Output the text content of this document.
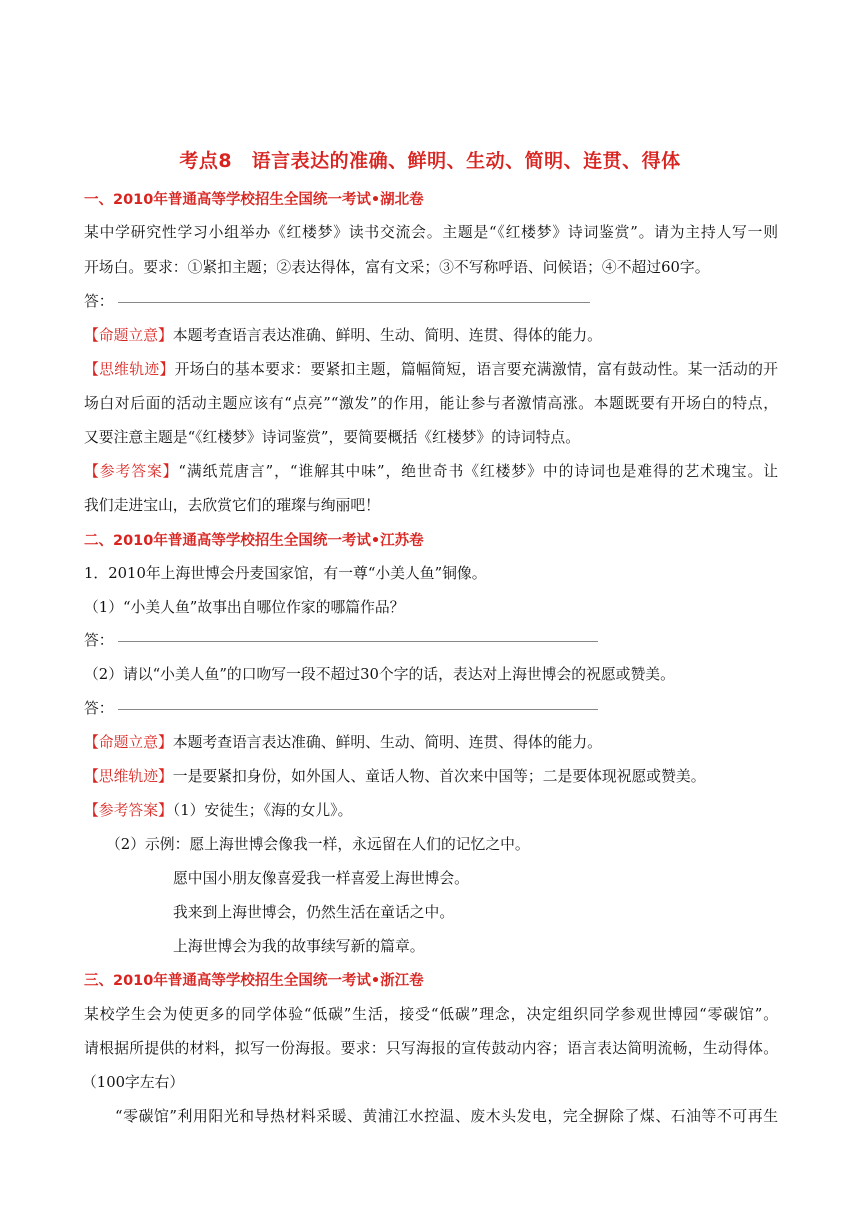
考点8　语言表达的准确、鲜明、生动、简明、连贯、得体
一、2010年普通高等学校招生全国统一考试•湖北卷
某中学研究性学习小组举办《红楼梦》读书交流会。主题是“《红楼梦》诗词鉴赏”。请为主持人写一则
开场白。要求：①紧扣主题；②表达得体，富有文采；③不写称呼语、问候语；④不超过60字。
答：
【命题立意】本题考查语言表达准确、鲜明、生动、简明、连贯、得体的能力。
【思维轨迹】开场白的基本要求：要紧扣主题，篇幅简短，语言要充满激情，富有鼓动性。某一活动的开
场白对后面的活动主题应该有“点亮”“激发”的作用，能让参与者激情高涨。本题既要有开场白的特点，
又要注意主题是“《红楼梦》诗词鉴赏”，要简要概括《红楼梦》的诗词特点。
【参考答案】“满纸荒唐言”，“谁解其中味”，绝世奇书《红楼梦》中的诗词也是难得的艺术瑰宝。让
我们走进宝山，去欣赏它们的璀璨与绚丽吧！
二、2010年普通高等学校招生全国统一考试•江苏卷
1．2010年上海世博会丹麦国家馆，有一尊“小美人鱼”铜像。
（1）“小美人鱼”故事出自哪位作家的哪篇作品？
答：
（2）请以“小美人鱼”的口吻写一段不超过30个字的话，表达对上海世博会的祝愿或赞美。
答：
【命题立意】本题考查语言表达准确、鲜明、生动、简明、连贯、得体的能力。
【思维轨迹】一是要紧扣身份，如外国人、童话人物、首次来中国等；二是要体现祝愿或赞美。
【参考答案】（1）安徒生；《海的女儿》。
（2）示例：愿上海世博会像我一样，永远留在人们的记忆之中。
愿中国小朋友像喜爱我一样喜爱上海世博会。
我来到上海世博会，仍然生活在童话之中。
上海世博会为我的故事续写新的篇章。
三、2010年普通高等学校招生全国统一考试•浙江卷
某校学生会为使更多的同学体验“低碳”生活，接受“低碳”理念，决定组织同学参观世博园“零碳馆”。
请根据所提供的材料，拟写一份海报。要求：只写海报的宣传鼓动内容；语言表达简明流畅，生动得体。
（100字左右）
“零碳馆”利用阳光和导热材料采暖、黄浦江水控温、废木头发电，完全摒除了煤、石油等不可再生
